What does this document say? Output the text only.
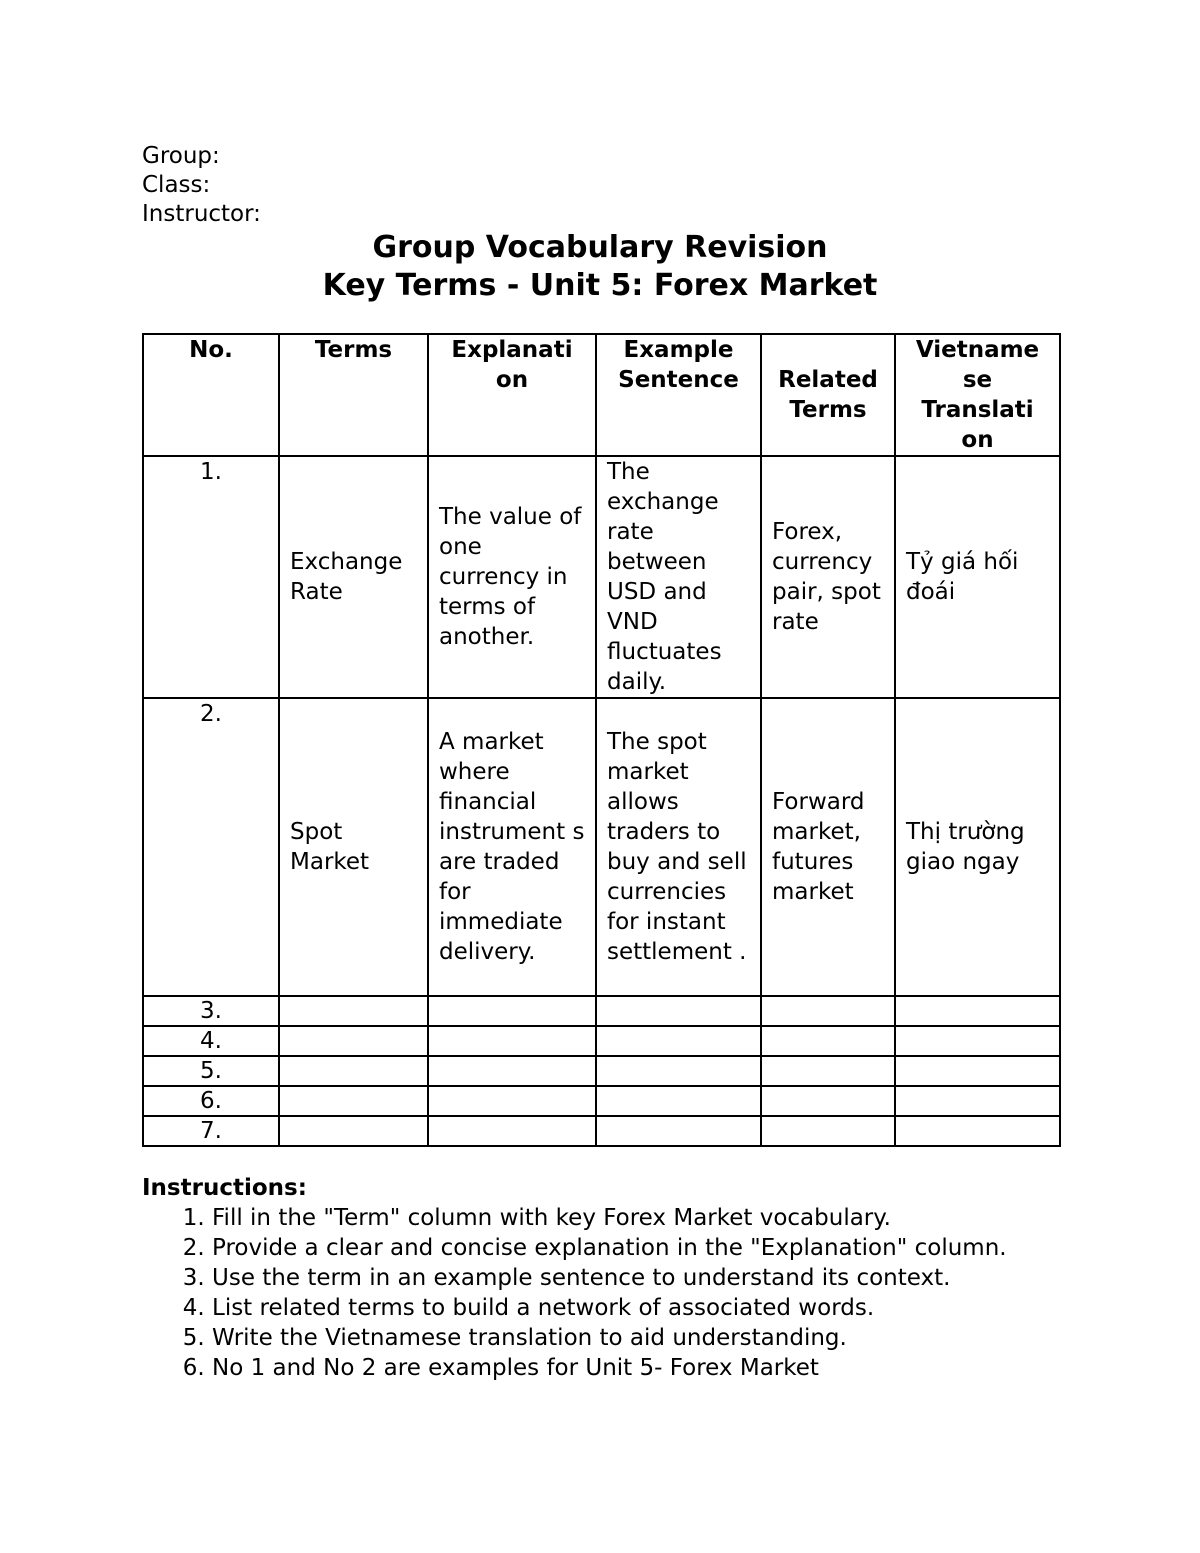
Group:
Class:
Instructor:
Group Vocabulary Revision
Key Terms - Unit 5: Forex Market
No.	Terms	Explanati on	Example Sentence	Related Terms	Vietname se Translati on
1.	Exchange Rate	The value of one currency in terms of another.	The exchange rate between USD and VND fluctuates daily.	Forex, currency pair, spot rate	Tỷ giá hối đoái
2.	Spot Market	A market where financial instrument s are traded for immediate delivery.	The spot market allows traders to buy and sell currencies for instant settlement .	Forward market, futures market	Thị trường giao ngay
3.					
4.					
5.					
6.					
7.					
Instructions:
1. Fill in the "Term" column with key Forex Market vocabulary.
2. Provide a clear and concise explanation in the "Explanation" column.
3. Use the term in an example sentence to understand its context.
4. List related terms to build a network of associated words.
5. Write the Vietnamese translation to aid understanding.
6. No 1 and No 2 are examples for Unit 5- Forex Market
